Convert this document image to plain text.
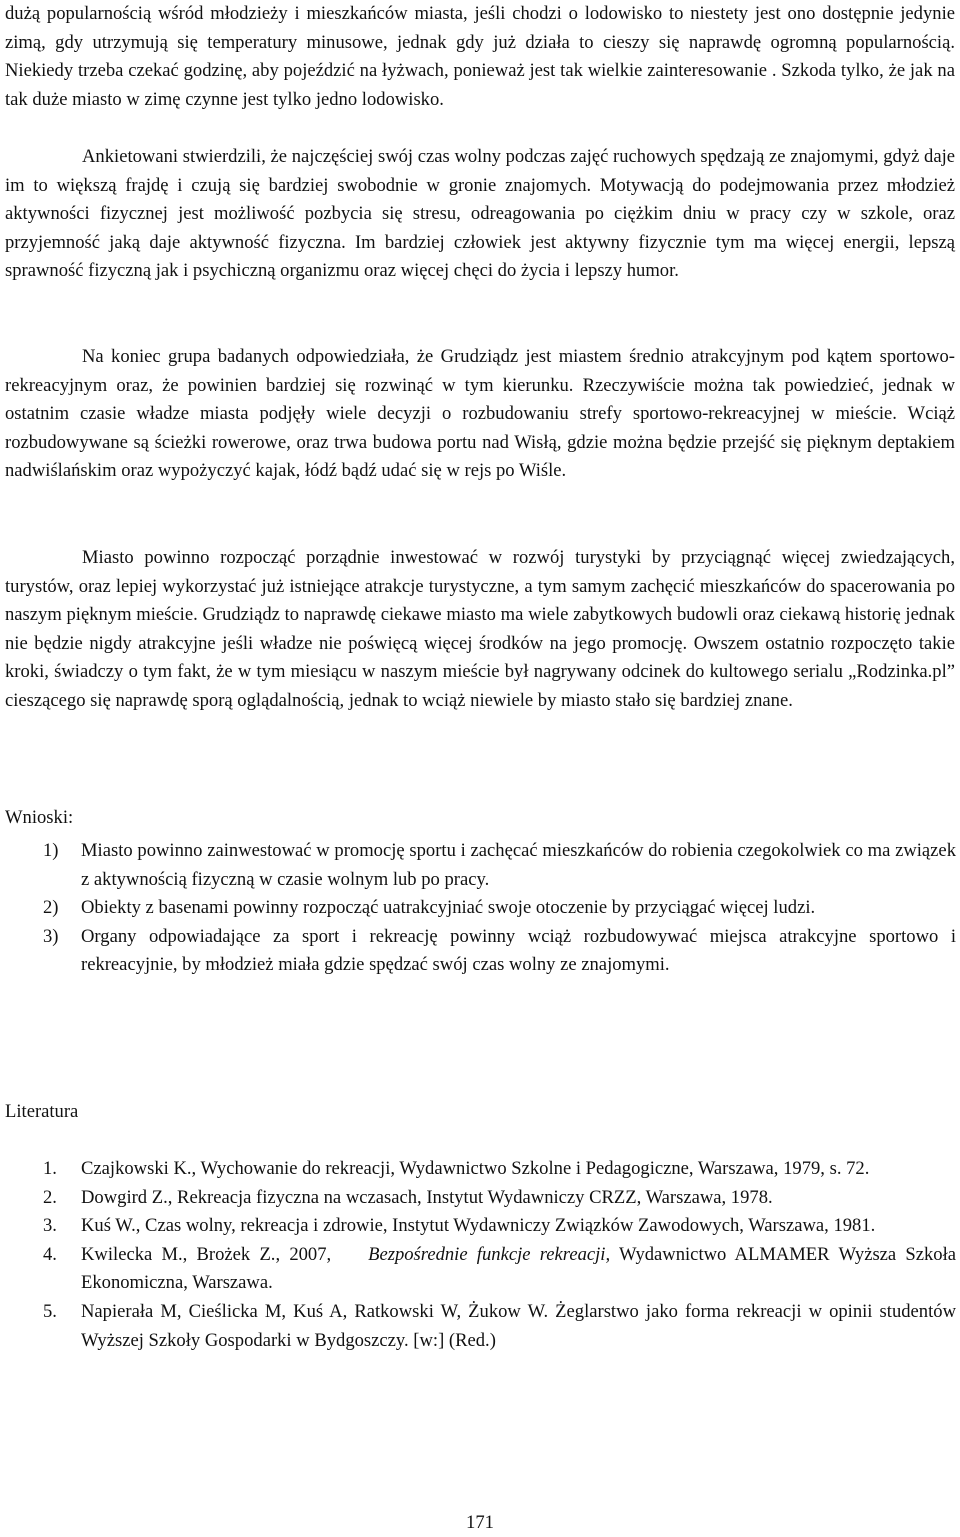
dużą popularnością wśród młodzieży i mieszkańców miasta, jeśli chodzi o lodowisko to niestety jest ono dostępnie jedynie zimą, gdy utrzymują się temperatury minusowe, jednak gdy już działa to cieszy się naprawdę ogromną popularnością. Niekiedy trzeba czekać godzinę, aby pojeździć na łyżwach, ponieważ jest tak wielkie zainteresowanie . Szkoda tylko, że jak na tak duże miasto w zimę czynne jest tylko jedno lodowisko.

Ankietowani stwierdzili, że najczęściej swój czas wolny podczas zajęć ruchowych spędzają ze znajomymi, gdyż daje im to większą frajdę i czują się bardziej swobodnie w gronie znajomych. Motywacją do podejmowania przez młodzież aktywności fizycznej jest możliwość pozbycia się stresu, odreagowania po ciężkim dniu w pracy czy w szkole, oraz przyjemność jaką daje aktywność fizyczna. Im bardziej człowiek jest aktywny fizycznie tym ma więcej energii, lepszą sprawność fizyczną jak i psychiczną organizmu oraz więcej chęci do życia i lepszy humor.

Na koniec grupa badanych odpowiedziała, że Grudziądz jest miastem średnio atrakcyjnym pod kątem sportowo-rekreacyjnym oraz, że powinien bardziej się rozwinąć w tym kierunku. Rzeczywiście można tak powiedzieć, jednak w ostatnim czasie władze miasta podjęły wiele decyzji o rozbudowaniu strefy sportowo-rekreacyjnej w mieście. Wciąż rozbudowywane są ścieżki rowerowe, oraz trwa budowa portu nad Wisłą, gdzie można będzie przejść się pięknym deptakiem nadwiślańskim oraz wypożyczyć kajak, łódź bądź udać się w rejs po Wiśle.

Miasto powinno rozpocząć porządnie inwestować w rozwój turystyki by przyciągnąć więcej zwiedzających, turystów, oraz lepiej wykorzystać już istniejące atrakcje turystyczne, a tym samym zachęcić mieszkańców do spacerowania po naszym pięknym mieście. Grudziądz to naprawdę ciekawe miasto ma wiele zabytkowych budowli oraz ciekawą historię jednak nie będzie nigdy atrakcyjne jeśli władze nie poświęcą więcej środków na jego promocję. Owszem ostatnio rozpoczęto takie kroki, świadczy o tym fakt, że w tym miesiącu w naszym mieście był nagrywany odcinek do kultowego serialu „Rodzinka.pl” cieszącego się naprawdę sporą oglądalnością, jednak to wciąż niewiele by miasto stało się bardziej znane.

Wnioski:

1) Miasto powinno zainwestować w promocję sportu i zachęcać mieszkańców do robienia czegokolwiek co ma związek z aktywnością fizyczną w czasie wolnym lub po pracy.
2) Obiekty z basenami powinny rozpocząć uatrakcyjniać swoje otoczenie by przyciągać więcej ludzi.
3) Organy odpowiadające za sport i rekreację powinny wciąż rozbudowywać miejsca atrakcyjne sportowo i rekreacyjnie, by młodzież miała gdzie spędzać swój czas wolny ze znajomymi.

Literatura

1. Czajkowski K., Wychowanie do rekreacji, Wydawnictwo Szkolne i Pedagogiczne, Warszawa, 1979, s. 72.
2. Dowgird Z., Rekreacja fizyczna na wczasach, Instytut Wydawniczy CRZZ, Warszawa, 1978.
3. Kuś W., Czas wolny, rekreacja i zdrowie, Instytut Wydawniczy Związków Zawodowych, Warszawa, 1981.
4. Kwilecka M., Brożek Z., 2007, Bezpośrednie funkcje rekreacji, Wydawnictwo ALMAMER Wyższa Szkoła Ekonomiczna, Warszawa.
5. Napierała M, Cieślicka M, Kuś A, Ratkowski W, Żukow W. Żeglarstwo jako forma rekreacji w opinii studentów Wyższej Szkoły Gospodarki w Bydgoszczy. [w:] (Red.)
171
